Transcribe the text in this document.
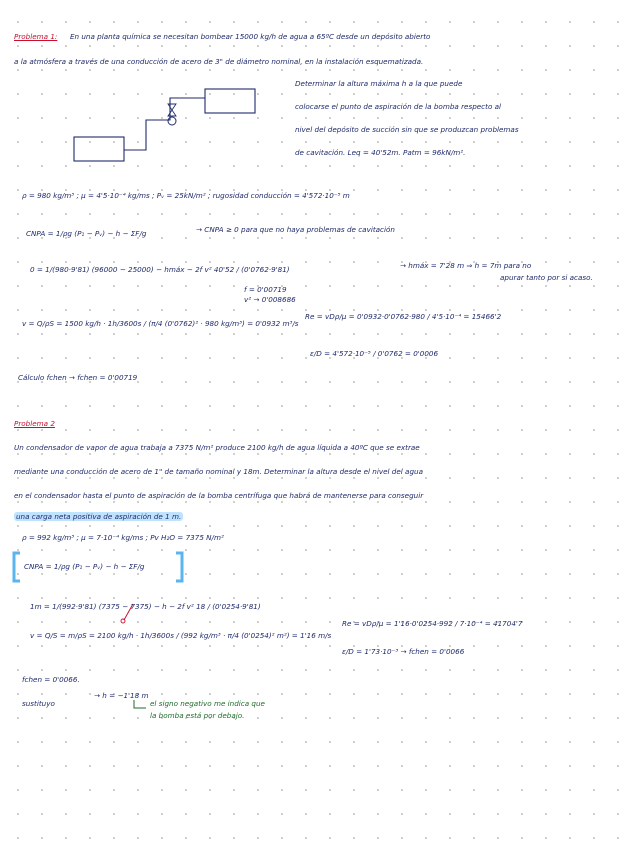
Problema 1: En una planta química se necesitan bombear 15000 kg/h de agua a 65ºC desde un depósito abierto
a la atmósfera a través de una conducción de acero de 3" de diámetro nominal, en la instalación esquematizada.
Determinar la altura máxima h a la que puede
colocarse el punto de aspiración de la bomba respecto al
nivel del depósito de succión sin que se produzcan problemas
de cavitación. Leq = 40'52m. Patm = 96kN/m².
ρ = 980 kg/m³ ; μ = 4'5·10⁻⁴ kg/ms ; Pᵥ = 25kN/m² ; rugosidad conducción = 4'572·10⁻⁵ m
CNPA = 1/ρg (P₁ − Pᵥ) − h − ΣF/g	→ CNPA ≥ 0 para que no haya problemas de cavitación
0 = 1/(980·9'81) (96000 − 25000) − hmáx − 2f v² 40'52 / (0'0762·9'81)	→ hmáx = 7'28 m ⇒ h = 7m para no
apurar tanto por si acaso.
f = 0'00719
v² → 0'008686
v = Q/ρS = 1500 kg/h · 1h/3600s / (π/4 (0'0762)² · 980 kg/m³) = 0'0932 m³/s
Re = vDρ/μ = 0'0932·0'0762·980 / 4'5·10⁻⁴ = 15466'2
ε/D = 4'572·10⁻⁵ / 0'0762 = 0'0006
Cálculo fchen → fchen = 0'00719
Problema 2
Un condensador de vapor de agua trabaja a 7375 N/m² produce 2100 kg/h de agua líquida a 40ºC que se extrae
mediante una conducción de acero de 1" de tamaño nominal y 18m. Determinar la altura desde el nivel del agua
en el condensador hasta el punto de aspiración de la bomba centrífuga que habrá de mantenerse para conseguir
una carga neta positiva de aspiración de 1 m.
ρ = 992 kg/m³ ; μ = 7·10⁻⁴ kg/ms ; Pv H₂O = 7375 N/m²
CNPA = 1/ρg (P₁ − Pᵥ) − h − ΣF/g
1m = 1/(992·9'81) (7375 − 7375) − h − 2f v² 18 / (0'0254·9'81)
v = Q/S = m/ρS = 2100 kg/h · 1h/3600s / (992 kg/m³ · π/4 (0'0254)² m²) = 1'16 m/s
Re = vDρ/μ = 1'16·0'0254·992 / 7·10⁻⁴ = 41704'7
ε/D = 1'73·10⁻³ → fchen = 0'0066
fchen = 0'0066.
sustituyo
→ h = −1'18 m
el signo negativo me indica que
la bomba está por debajo.
